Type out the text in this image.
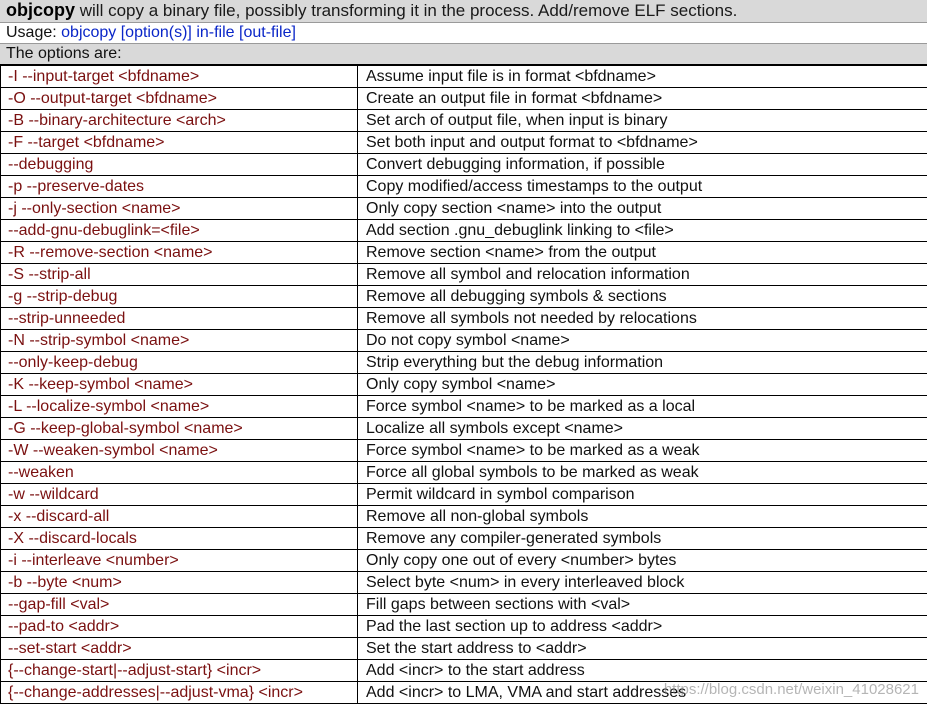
objcopy will copy a binary file, possibly transforming it in the process. Add/remove ELF sections.
Usage: objcopy [option(s)] in-file [out-file]
The options are:
-I --input-target <bfdname>	Assume input file is in format <bfdname>
-O --output-target <bfdname>	Create an output file in format <bfdname>
-B --binary-architecture <arch>	Set arch of output file, when input is binary
-F --target <bfdname>	Set both input and output format to <bfdname>
--debugging	Convert debugging information, if possible
-p --preserve-dates	Copy modified/access timestamps to the output
-j --only-section <name>	Only copy section <name> into the output
--add-gnu-debuglink=<file>	Add section .gnu_debuglink linking to <file>
-R --remove-section <name>	Remove section <name> from the output
-S --strip-all	Remove all symbol and relocation information
-g --strip-debug	Remove all debugging symbols & sections
--strip-unneeded	Remove all symbols not needed by relocations
-N --strip-symbol <name>	Do not copy symbol <name>
--only-keep-debug	Strip everything but the debug information
-K --keep-symbol <name>	Only copy symbol <name>
-L --localize-symbol <name>	Force symbol <name> to be marked as a local
-G --keep-global-symbol <name>	Localize all symbols except <name>
-W --weaken-symbol <name>	Force symbol <name> to be marked as a weak
--weaken	Force all global symbols to be marked as weak
-w --wildcard	Permit wildcard in symbol comparison
-x --discard-all	Remove all non-global symbols
-X --discard-locals	Remove any compiler-generated symbols
-i --interleave <number>	Only copy one out of every <number> bytes
-b --byte <num>	Select byte <num> in every interleaved block
--gap-fill <val>	Fill gaps between sections with <val>
--pad-to <addr>	Pad the last section up to address <addr>
--set-start <addr>	Set the start address to <addr>
{--change-start|--adjust-start} <incr>	Add <incr> to the start address
{--change-addresses|--adjust-vma} <incr>	Add <incr> to LMA, VMA and start addresses
https://blog.csdn.net/weixin_41028621
